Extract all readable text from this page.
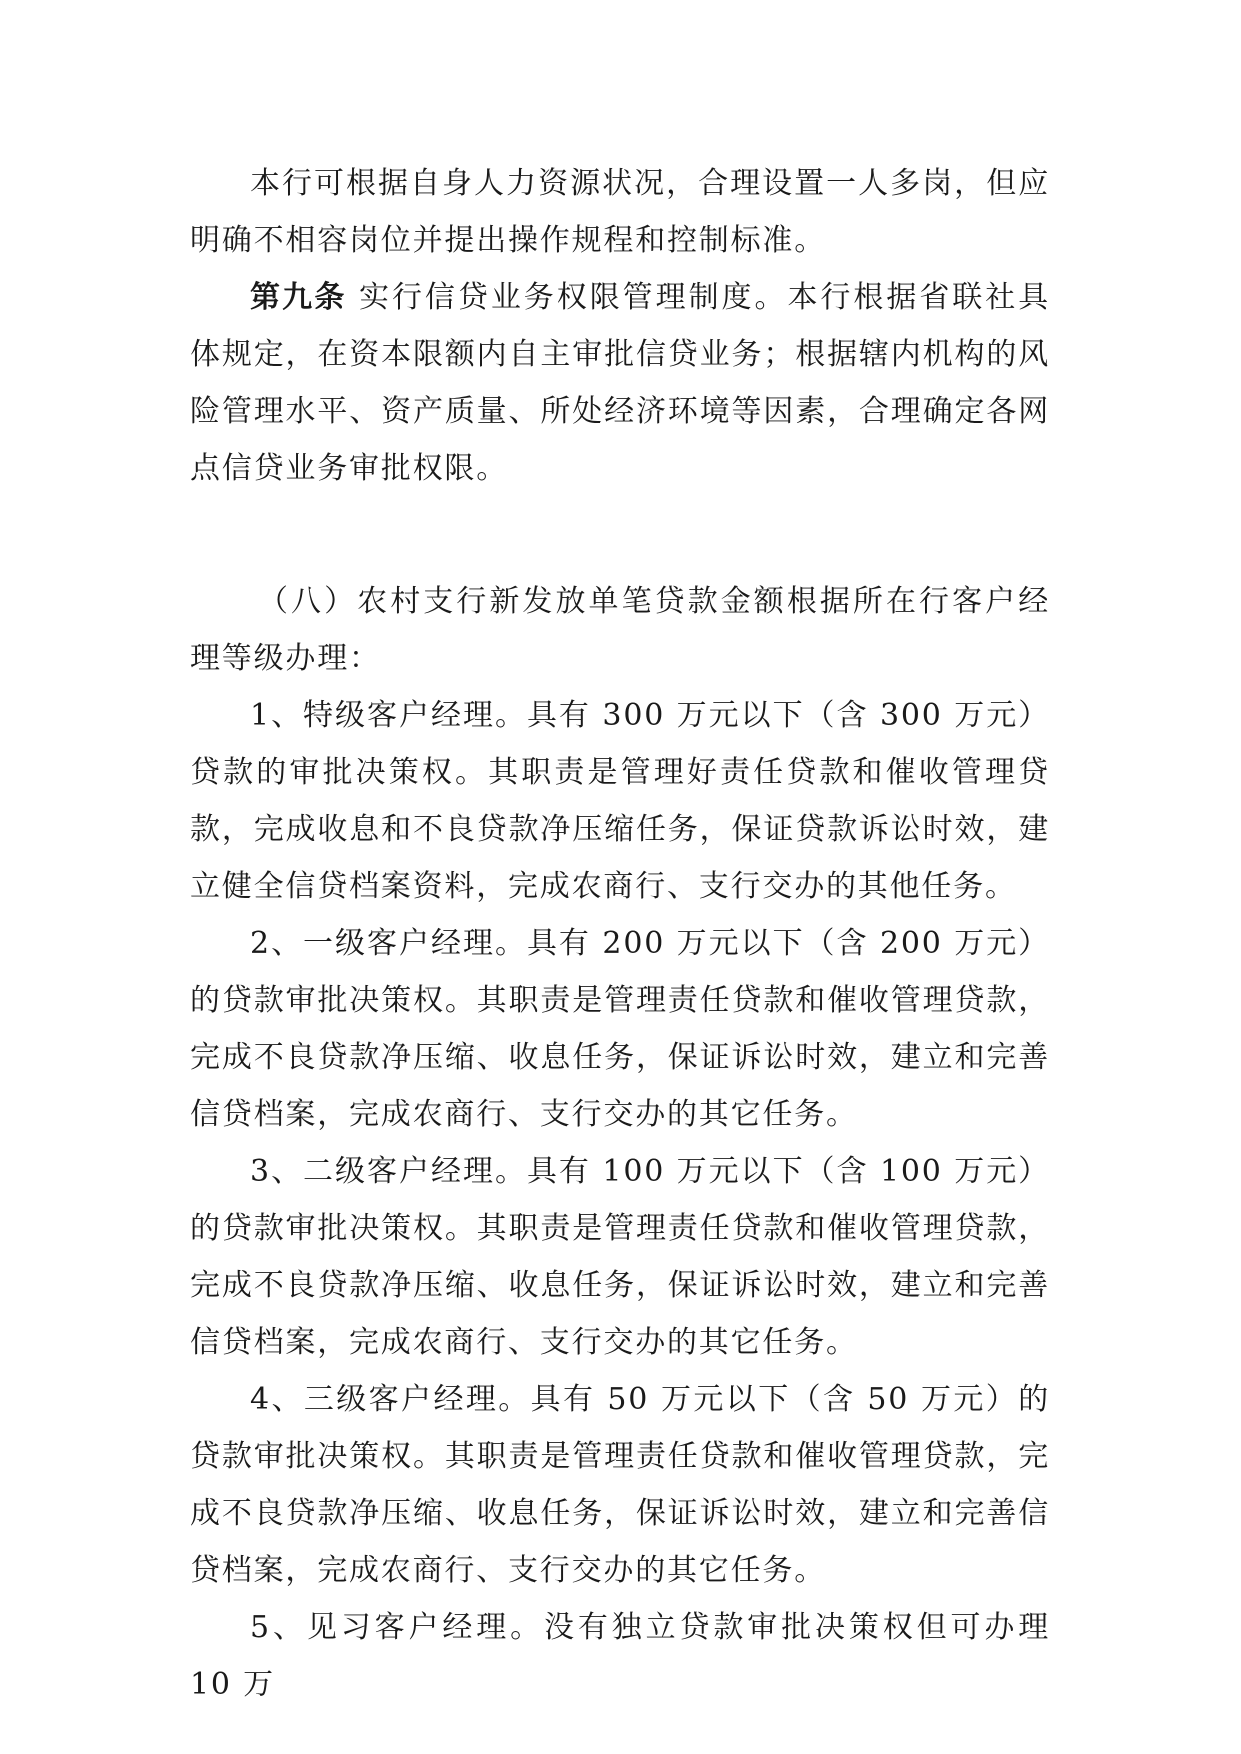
本行可根据自身人力资源状况，合理设置一人多岗，但应明确不相容岗位并提出操作规程和控制标准。

第九条 实行信贷业务权限管理制度。本行根据省联社具体规定，在资本限额内自主审批信贷业务；根据辖内机构的风险管理水平、资产质量、所处经济环境等因素，合理确定各网点信贷业务审批权限。

（八）农村支行新发放单笔贷款金额根据所在行客户经理等级办理：

1、特级客户经理。具有 300 万元以下（含 300 万元）贷款的审批决策权。其职责是管理好责任贷款和催收管理贷款，完成收息和不良贷款净压缩任务，保证贷款诉讼时效，建立健全信贷档案资料，完成农商行、支行交办的其他任务。

2、一级客户经理。具有 200 万元以下（含 200 万元）的贷款审批决策权。其职责是管理责任贷款和催收管理贷款，完成不良贷款净压缩、收息任务，保证诉讼时效，建立和完善信贷档案，完成农商行、支行交办的其它任务。

3、二级客户经理。具有 100 万元以下（含 100 万元）的贷款审批决策权。其职责是管理责任贷款和催收管理贷款，完成不良贷款净压缩、收息任务，保证诉讼时效，建立和完善信贷档案，完成农商行、支行交办的其它任务。

4、三级客户经理。具有 50 万元以下（含 50 万元）的贷款审批决策权。其职责是管理责任贷款和催收管理贷款，完成不良贷款净压缩、收息任务，保证诉讼时效，建立和完善信贷档案，完成农商行、支行交办的其它任务。

5、见习客户经理。没有独立贷款审批决策权但可办理 10 万
